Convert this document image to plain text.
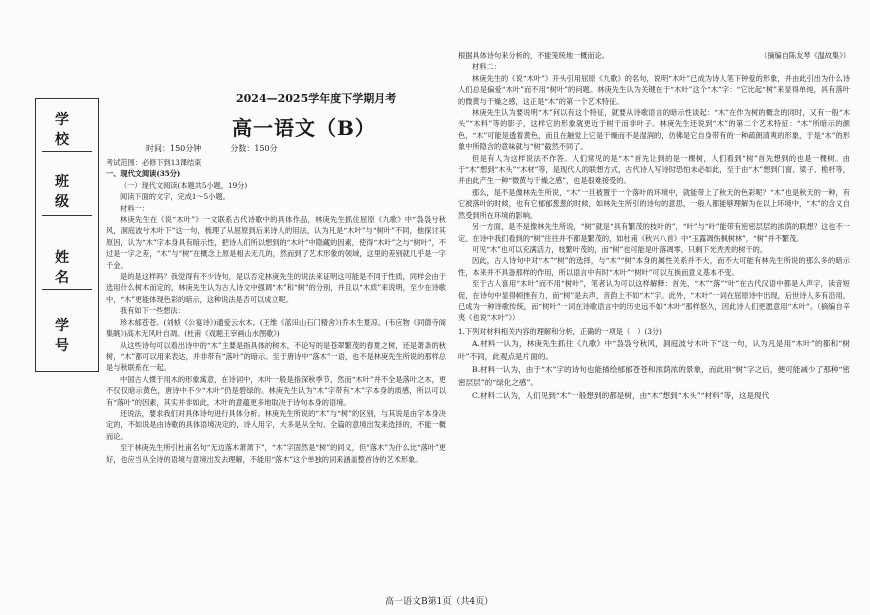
学 校
班 级
姓 名
学 号
2024—2025学年度下学期月考
高一语文（B）
时间：150分钟	分数：150分

考试范围：必修下到13课结束

一、现代文阅读(35分)

（一）现代文阅读(本题共5小题，19分)

阅读下面的文字，完成1～5小题。

材料一：

林庚先生在《说“木叶”》一文联系古代诗歌中的具体作品，林庚先生抓住屈原《九歌》中“袅袅兮秋风，洞庭波兮木叶下”这一句，梳理了从屈原到后来诗人的用法，认为凡是“木叶”与“树叶”不同，他探讨其原因，认为“木”字本身具有暗示性，把诗人们所以想到的“木叶”中隐藏的因素，使得“木叶”之与“树叶”，不过是一字之差，“木”与“树”在概念上原是相去无几的，然而到了艺术形象的领域，这里的差别就几乎是一字千金。

是的是这样吗？我觉得有不少诗句，是以否定林庚先生的说法来证明这可能是不同于性质，同样会由于选用什么树木而定的，林庚先生认为古人诗文中强调“木”和“树”的分别，并且以“木质”来说明，至少在诗歌中，“木”更能体现色彩的暗示，这种说法是否可以成立呢。

我有如下一些想法：

珍木郁苍苍。(刘桢《公宴诗》)通爱云水木。(王维《蓝田山石门精舍》)乔木生夏凉。(韦应物《同德寺阁集眺》)高木无风叶自凋。(杜甫《戏题王宰画山水图歌》)

从这些诗句可以看出诗中的“木”主要是指具体的树木，不论写的是苍翠繁茂的春夏之树，还是萧条的秋树，“木”都可以用来表达，并非带有“落叶”的暗示。至于唐诗中“落木”一语，也不是林庚先生所说的那样总是与秋联系在一起。

中国古人惯于用木的形象寓意，在诗词中，木叶一般是指深秋季节，然而“木叶”并不全是落叶之木，更不仅仅暗示黄色，唐诗中不少“木叶”仍是碧绿的。林庚先生认为“木”字带有“木”字本身的质感，所以可以有“落叶”的因素，其实并非如此，木叶的意蕴更多地取决于诗句本身的语境。

还说法，要求我们对具体诗句进行具体分析。林庚先生所说的“木”与“树”的区别，与其说是由字本身决定的，不如说是由诗歌的具体语境决定的，诗人用字，大多是从全句、全篇的意境出发来选择的，不能一概而论。

至于林庚先生所引杜甫名句“无边落木萧萧下”，“木”字固然是“树”的同义，但“落木”为什么比“落叶”更好，也应当从全诗的语境与意境出发去理解，不能用“落木”这个单独的词来涵盖整首诗的艺术形象。

根据具体诗句来分析的，不能笼统地一概而论。	（摘编自陈友琴《温故集》）

材料二：

林庚先生的《说“木叶”》开头引用屈原《九歌》的名句，说明“木叶”已成为诗人笔下钟爱的形象，并由此引出为什么诗人们总是偏爱“木叶”而不用“树叶”的问题。林庚先生认为关键在于“木叶”这个“木”字：“它比起“树”来显得单纯，具有落叶的微黄与干燥之感，这正是“木”的第一个艺术特征。

林庚先生认为要说明“木”何以有这个特征，就要从诗歌语言的暗示性谈起：“木”在作为树的概念的同时，又有一般“木头”“木料”等的影子，这样它的形象就更近于树干而非叶子。林庚先生还说到“木”的第二个艺术特征：“木”所暗示的颜色，“木”可能是透着黄色，而且在触觉上它是干燥而不是湿润的，仿佛是它自身带有的一种疏朗清爽的形象，于是“木”的形象中所隐含的意味就与“树”截然不同了。

但是有人为这样说法不作答。人们常见的是“木”首先让到的是一棵树，人们看到“树”首先想到的也是一棵树。由于“木”想到“木头”“木材”等，是现代人的联想方式，古代诗人写诗时恐怕未必如此，至于由“木”想到门窗、梁子、桅杆等，并由此产生一种“微黄与干燥之感”，也是很难接受的。

那么，是不是像林先生所说，“木”一旦被置于一个落叶的环境中，就能带上了秋天的色彩呢？“木”也是秋天的一种，有它被落叶的时候，也有它郁郁葱葱的时候，如林先生所引的诗句的意思，一般人都能够理解为在以上环境中，“木”的含义自然受到所在环境的影响。

另一方面，是不是像林先生所说，“树”就是“具有繁茂的枝叶的”，“叶”与“叶”能带有密密层层的浓荫的联想？这也不一定。在诗中我们看到的“树”往往并不都是繁茂的，如杜甫《秋兴八首》中“玉露凋伤枫树林”，“树”并不繁茂。

可见“木”也可以充满活力，枝繁叶茂的，而“树”也可能是叶落凋零，只剩下光秃秃的树干的。

因此，古人诗句中对“木”“树”的选择，与“木”“树”本身的属性关系并不大，而不大可能有林先生所说的那么多的暗示性，本来并不具备那样的作用，所以语言中有时“木叶”“树叶”可以互换而意义基本不变。

至于古人喜用“木叶”而不用“树叶”，笔者认为可以这样解释：首先，“木”“落”“叶”在古代汉语中都是入声字，读音短促，在诗句中显得顿挫有力，而“树”是去声，音韵上不如“木”字。此外，“木叶”一词在屈原诗中出现，后世诗人多有沿用，已成为一种诗歌传统，而“树叶”一词在诗歌语言中的历史远不如“木叶”那样悠久，因此诗人们更愿意用“木叶”。（摘编自辛夷《也说“木叶”》）

1.下列对材料相关内容的理解和分析，正确的一项是（　）(3分)

A.材料一认为，林庚先生抓住《九歌》中“袅袅兮秋风，洞庭波兮木叶下”这一句，认为凡是用“木叶”的都和“树叶”不同，此观点是片面的。

B.材料一认为，由于“木”字的诗句也能描绘郁郁苍苍和浓荫浓的景象，而此用“树”字之后，便可能减少了那种“密密层层”的“绿化之感”。

C.材料二认为，人们见到“木”一般想到的都是树，由“木”想到“木头”“材料”等，这是现代

高一语文B第1页（共4页）
